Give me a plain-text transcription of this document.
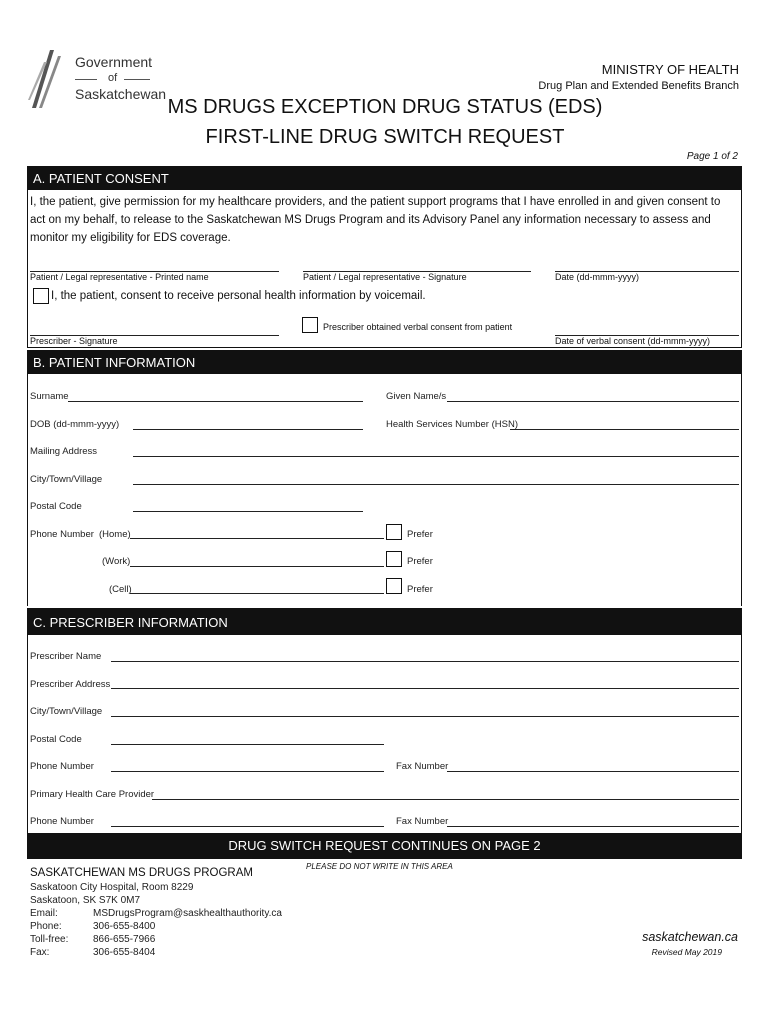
Government
of
Saskatchewan
MINISTRY OF HEALTH
Drug Plan and Extended Benefits Branch
MS DRUGS EXCEPTION DRUG STATUS (EDS)
FIRST-LINE DRUG SWITCH REQUEST
Page 1 of 2
A. PATIENT CONSENT
I, the patient, give permission for my healthcare providers, and the patient support programs that I have enrolled in and given consent to act on my behalf, to release to the Saskatchewan MS Drugs Program and its Advisory Panel any information necessary to assess and monitor my eligibility for EDS coverage.
Patient / Legal representative - Printed name	Patient / Legal representative - Signature	Date (dd-mmm-yyyy)
I, the patient, consent to receive personal health information by voicemail.
Prescriber obtained verbal consent from patient
Prescriber - Signature	Date of verbal consent (dd-mmm-yyyy)
B. PATIENT INFORMATION
Surname	Given Name/s
DOB (dd-mmm-yyyy)	Health Services Number (HSN)
Mailing Address
City/Town/Village
Postal Code
Phone Number (Home)	Prefer
(Work)	Prefer
(Cell)	Prefer
C. PRESCRIBER INFORMATION
Prescriber Name
Prescriber Address
City/Town/Village
Postal Code
Phone Number	Fax Number
Primary Health Care Provider
Phone Number	Fax Number
DRUG SWITCH REQUEST CONTINUES ON PAGE 2
PLEASE DO NOT WRITE IN THIS AREA
SASKATCHEWAN MS DRUGS PROGRAM
Saskatoon City Hospital, Room 8229
Saskatoon, SK S7K 0M7
Email:	MSDrugsProgram@saskhealthauthority.ca
Phone:	306-655-8400
Toll-free: 866-655-7966
Fax:	306-655-8404
saskatchewan.ca
Revised May 2019
